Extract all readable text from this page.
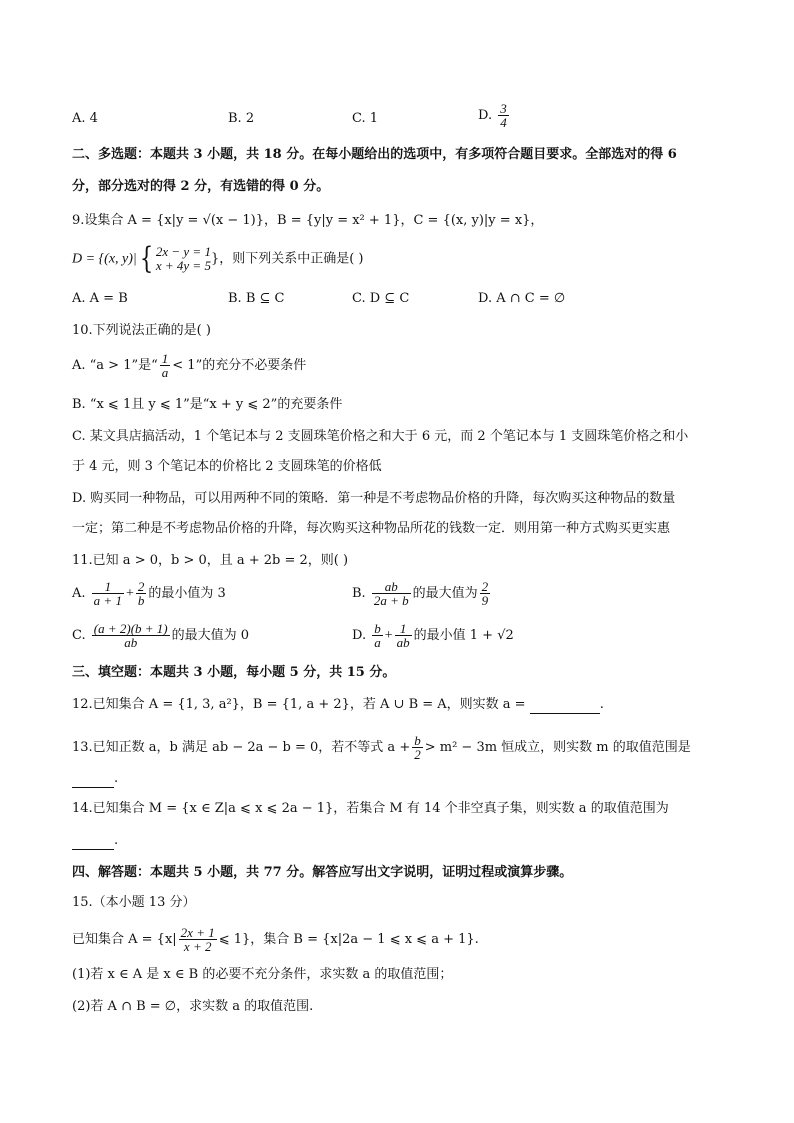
A. 4	B. 2	C. 1	D. $\frac{3}{4}$
二、多选题：本题共 3 小题，共 18 分。在每小题给出的选项中，有多项符合题目要求。全部选对的得 6
分，部分选对的得 2 分，有选错的得 0 分。
9.设集合 A = {x|y = √(x − 1)}，B = {y|y = x² + 1}，C = {(x, y)|y = x}，
D = {(x, y)|{ 2x − y = 1
x + 4y = 5 }，则下列关系中正确是( )
A. A = B	B. B ⊆ C	C. D ⊆ C	D. A ∩ C = ∅
10.下列说法正确的是( )
A. “a > 1”是“ $\frac{1}{a} < 1$”的充分不必要条件
B. “x ⩽ 1且 y ⩽ 1”是“x + y ⩽ 2”的充要条件
C. 某文具店搞活动，1 个笔记本与 2 支圆珠笔价格之和大于 6 元，而 2 个笔记本与 1 支圆珠笔价格之和小
于 4 元，则 3 个笔记本的价格比 2 支圆珠笔的价格低
D. 购买同一种物品，可以用两种不同的策略．第一种是不考虑物品价格的升降，每次购买这种物品的数量
一定；第二种是不考虑物品价格的升降，每次购买这种物品所花的钱数一定．则用第一种方式购买更实惠
11.已知 a > 0，b > 0，且 a + 2b = 2，则( )
A. $\frac{1}{a + 1} + \frac{2}{b}$ 的最小值为 3	B. $\frac{ab}{2a + b}$ 的最大值为 $\frac{2}{9}$
C. $\frac{(a + 2)(b + 1)}{ab}$ 的最大值为 0	D. $\frac{b}{a} + \frac{1}{ab}$ 的最小值 1 + √2
三、填空题：本题共 3 小题，每小题 5 分，共 15 分。
12.已知集合 A = {1, 3, a²}，B = {1, a + 2}，若 A ∪ B = A，则实数 a =	.
13.已知正数 a，b 满足 ab − 2a − b = 0，若不等式 $a + \frac{b}{2} > m^2 - 3m$ 恒成立，则实数 m 的取值范围是
.
14.已知集合 M = {x ∈ Z|a ⩽ x ⩽ 2a − 1}，若集合 M 有 14 个非空真子集，则实数 a 的取值范围为
.
四、解答题：本题共 5 小题，共 77 分。解答应写出文字说明，证明过程或演算步骤。
15.（本小题 13 分）
已知集合 $A = \{x| \frac{2x + 1}{x + 2}$ ⩽ 1}，集合 B = {x|2a − 1 ⩽ x ⩽ a + 1}.
(1)若 x ∈ A 是 x ∈ B 的必要不充分条件，求实数 a 的取值范围；
(2)若 A ∩ B = ∅，求实数 a 的取值范围.
